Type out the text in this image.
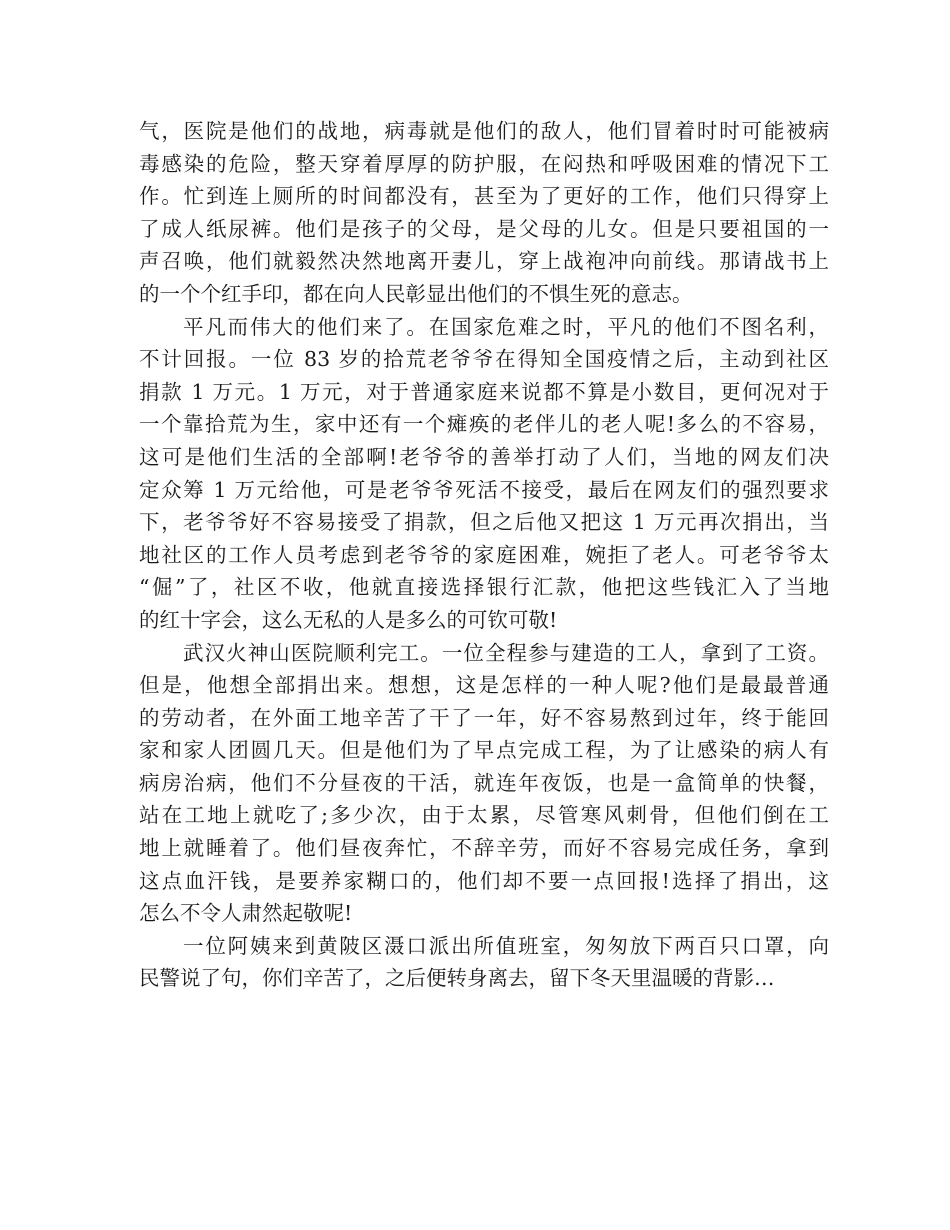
气，医院是他们的战地，病毒就是他们的敌人，他们冒着时时可能被病
毒感染的危险，整天穿着厚厚的防护服，在闷热和呼吸困难的情况下工
作。忙到连上厕所的时间都没有，甚至为了更好的工作，他们只得穿上
了成人纸尿裤。他们是孩子的父母，是父母的儿女。但是只要祖国的一
声召唤，他们就毅然决然地离开妻儿，穿上战袍冲向前线。那请战书上
的一个个红手印，都在向人民彰显出他们的不惧生死的意志。
平凡而伟大的他们来了。在国家危难之时，平凡的他们不图名利，
不计回报。一位 83 岁的拾荒老爷爷在得知全国疫情之后，主动到社区
捐款 1 万元。1 万元，对于普通家庭来说都不算是小数目，更何况对于
一个靠拾荒为生，家中还有一个瘫痪的老伴儿的老人呢!多么的不容易，
这可是他们生活的全部啊!老爷爷的善举打动了人们，当地的网友们决
定众筹 1 万元给他，可是老爷爷死活不接受，最后在网友们的强烈要求
下，老爷爷好不容易接受了捐款，但之后他又把这 1 万元再次捐出，当
地社区的工作人员考虑到老爷爷的家庭困难，婉拒了老人。可老爷爷太
“倔”了，社区不收，他就直接选择银行汇款，他把这些钱汇入了当地
的红十字会，这么无私的人是多么的可钦可敬!
武汉火神山医院顺利完工。一位全程参与建造的工人，拿到了工资。
但是，他想全部捐出来。想想，这是怎样的一种人呢?他们是最最普通
的劳动者，在外面工地辛苦了干了一年，好不容易熬到过年，终于能回
家和家人团圆几天。但是他们为了早点完成工程，为了让感染的病人有
病房治病，他们不分昼夜的干活，就连年夜饭，也是一盒简单的快餐，
站在工地上就吃了;多少次，由于太累，尽管寒风刺骨，但他们倒在工
地上就睡着了。他们昼夜奔忙，不辞辛劳，而好不容易完成任务，拿到
这点血汗钱，是要养家糊口的，他们却不要一点回报!选择了捐出，这
怎么不令人肃然起敬呢!
一位阿姨来到黄陂区滠口派出所值班室，匆匆放下两百只口罩，向
民警说了句，你们辛苦了，之后便转身离去，留下冬天里温暖的背影…
